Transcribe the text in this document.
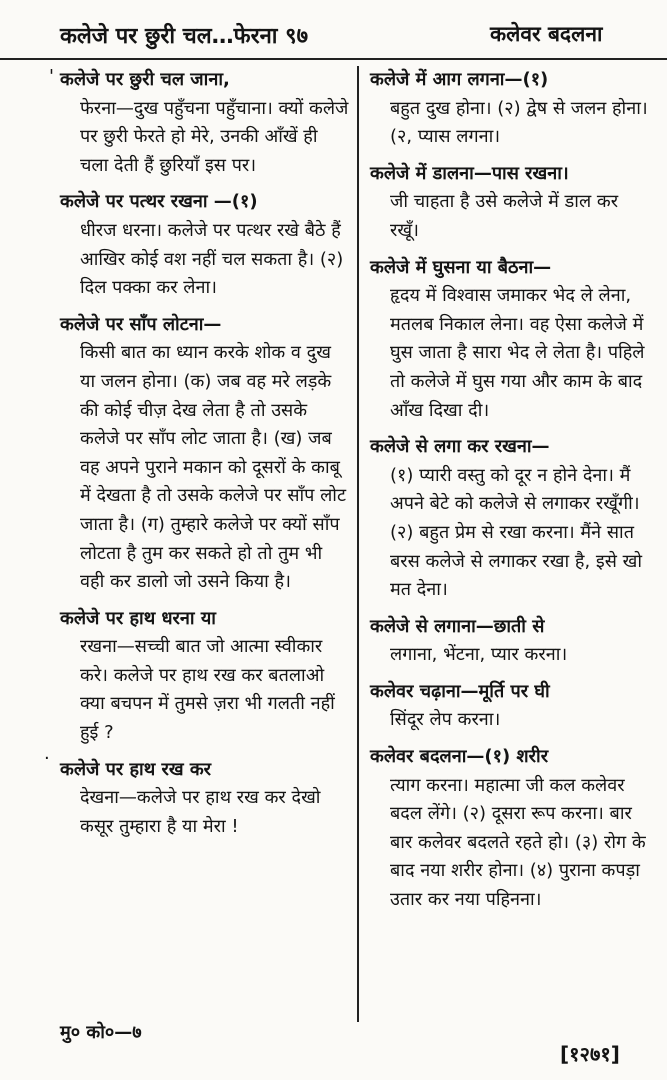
कलेजे पर छुरी चल…फेरना ९७	कलेवर बदलना
'
·

कलेजे पर छुरी चल जाना,
फेरना—दुख पहुँचना पहुँचाना। क्यों कलेजे पर छुरी फेरते हो मेरे, उनकी आँखें ही चला देती हैं छुरियाँ इस पर।

कलेजे पर पत्थर रखना —(१)
धीरज धरना। कलेजे पर पत्थर रखे बैठे हैं आखिर कोई वश नहीं चल सकता है। (२) दिल पक्का कर लेना।

कलेजे पर साँप लोटना—
किसी बात का ध्यान करके शोक व दुख या जलन होना। (क) जब वह मरे लड़के की कोई चीज़ देख लेता है तो उसके कलेजे पर साँप लोट जाता है। (ख) जब वह अपने पुराने मकान को दूसरों के काबू में देखता है तो उसके कलेजे पर साँप लोट जाता है। (ग) तुम्हारे कलेजे पर क्यों साँप लोटता है तुम कर सकते हो तो तुम भी वही कर डालो जो उसने किया है।

कलेजे पर हाथ धरना या
रखना—सच्ची बात जो आत्मा स्वीकार करे। कलेजे पर हाथ रख कर बतलाओ क्या बचपन में तुमसे ज़रा भी गलती नहीं हुई ?

कलेजे पर हाथ रख कर
देखना—कलेजे पर हाथ रख कर देखो कसूर तुम्हारा है या मेरा !

कलेजे में आग लगना—(१)
बहुत दुख होना। (२) द्वेष से जलन होना। (२, प्यास लगना।

कलेजे में डालना—पास रखना।
जी चाहता है उसे कलेजे में डाल कर रखूँ।

कलेजे में घुसना या बैठना—
हृदय में विश्वास जमाकर भेद ले लेना, मतलब निकाल लेना। वह ऐसा कलेजे में घुस जाता है सारा भेद ले लेता है। पहिले तो कलेजे में घुस गया और काम के बाद आँख दिखा दी।

कलेजे से लगा कर रखना—
(१) प्यारी वस्तु को दूर न होने देना। मैं अपने बेटे को कलेजे से लगाकर रखूँगी। (२) बहुत प्रेम से रखा करना। मैंने सात बरस कलेजे से लगाकर रखा है, इसे खो मत देना।

कलेजे से लगाना—छाती से
लगाना, भेंटना, प्यार करना।

कलेवर चढ़ाना—मूर्ति पर घी
सिंदूर लेप करना।

कलेवर बदलना—(१) शरीर
त्याग करना। महात्मा जी कल कलेवर बदल लेंगे। (२) दूसरा रूप करना। बार बार कलेवर बदलते रहते हो। (३) रोग के बाद नया शरीर होना। (४) पुराना कपड़ा उतार कर नया पहिनना।

मु० को०—७
[१२७१]
